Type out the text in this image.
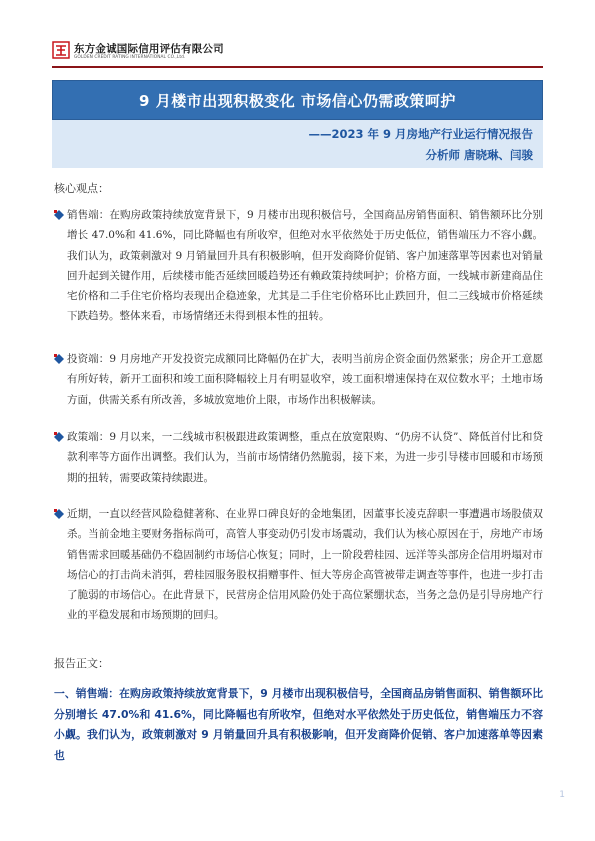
东方金诚国际信用评估有限公司
GOLDEN CREDIT RATING INTERNATIONAL CO.,Ltd.
9 月楼市出现积极变化 市场信心仍需政策呵护
——2023 年 9 月房地产行业运行情况报告
分析师 唐晓琳、闫骏
核心观点：
销售端：在购房政策持续放宽背景下，9 月楼市出现积极信号，全国商品房销售面积、销售额环比分别增长 47.0%和 41.6%，同比降幅也有所收窄，但绝对水平依然处于历史低位，销售端压力不容小觑。我们认为，政策刺激对 9 月销量回升具有积极影响，但开发商降价促销、客户加速落單等因素也对销量回升起到关键作用，后续楼市能否延续回暖趋势还有赖政策持续呵护；价格方面，一线城市新建商品住宅价格和二手住宅价格均表现出企稳迹象，尤其是二手住宅价格环比止跌回升，但二三线城市价格延续下跌趋势。整体来看，市场情绪还未得到根本性的扭转。
投资端：9 月房地产开发投资完成额同比降幅仍在扩大，表明当前房企资金面仍然紧张；房企开工意愿有所好转，新开工面积和竣工面积降幅较上月有明显收窄，竣工面积增速保持在双位数水平；土地市场方面，供需关系有所改善，多城放宽地价上限，市场作出积极解读。
政策端：9 月以来，一二线城市积极跟进政策调整，重点在放宽限购、“仍房不认贷”、降低首付比和贷款利率等方面作出调整。我们认为，当前市场情绪仍然脆弱，接下来，为进一步引导楼市回暖和市场预期的扭转，需要政策持续跟进。
近期，一直以经营风险稳健著称、在业界口碑良好的金地集团，因董事长凌克辞职一事遭遇市场股债双杀。当前金地主要财务指标尚可，高管人事变动仍引发市场震动，我们认为核心原因在于，房地产市场销售需求回暖基础仍不稳固制约市场信心恢复；同时，上一阶段碧桂园、远洋等头部房企信用坍塌对市场信心的打击尚未消弭，碧桂园服务股权捐赠事件、恒大等房企高管被带走调查等事件，也进一步打击了脆弱的市场信心。在此背景下，民营房企信用风险仍处于高位紧绷状态，当务之急仍是引导房地产行业的平稳发展和市场预期的回归。
报告正文：
一、销售端：在购房政策持续放宽背景下，9 月楼市出现积极信号，全国商品房销售面积、销售额环比分别增长 47.0%和 41.6%，同比降幅也有所收窄，但绝对水平依然处于历史低位，销售端压力不容小觑。我们认为，政策刺激对 9 月销量回升具有积极影响，但开发商降价促销、客户加速落单等因素也
1
